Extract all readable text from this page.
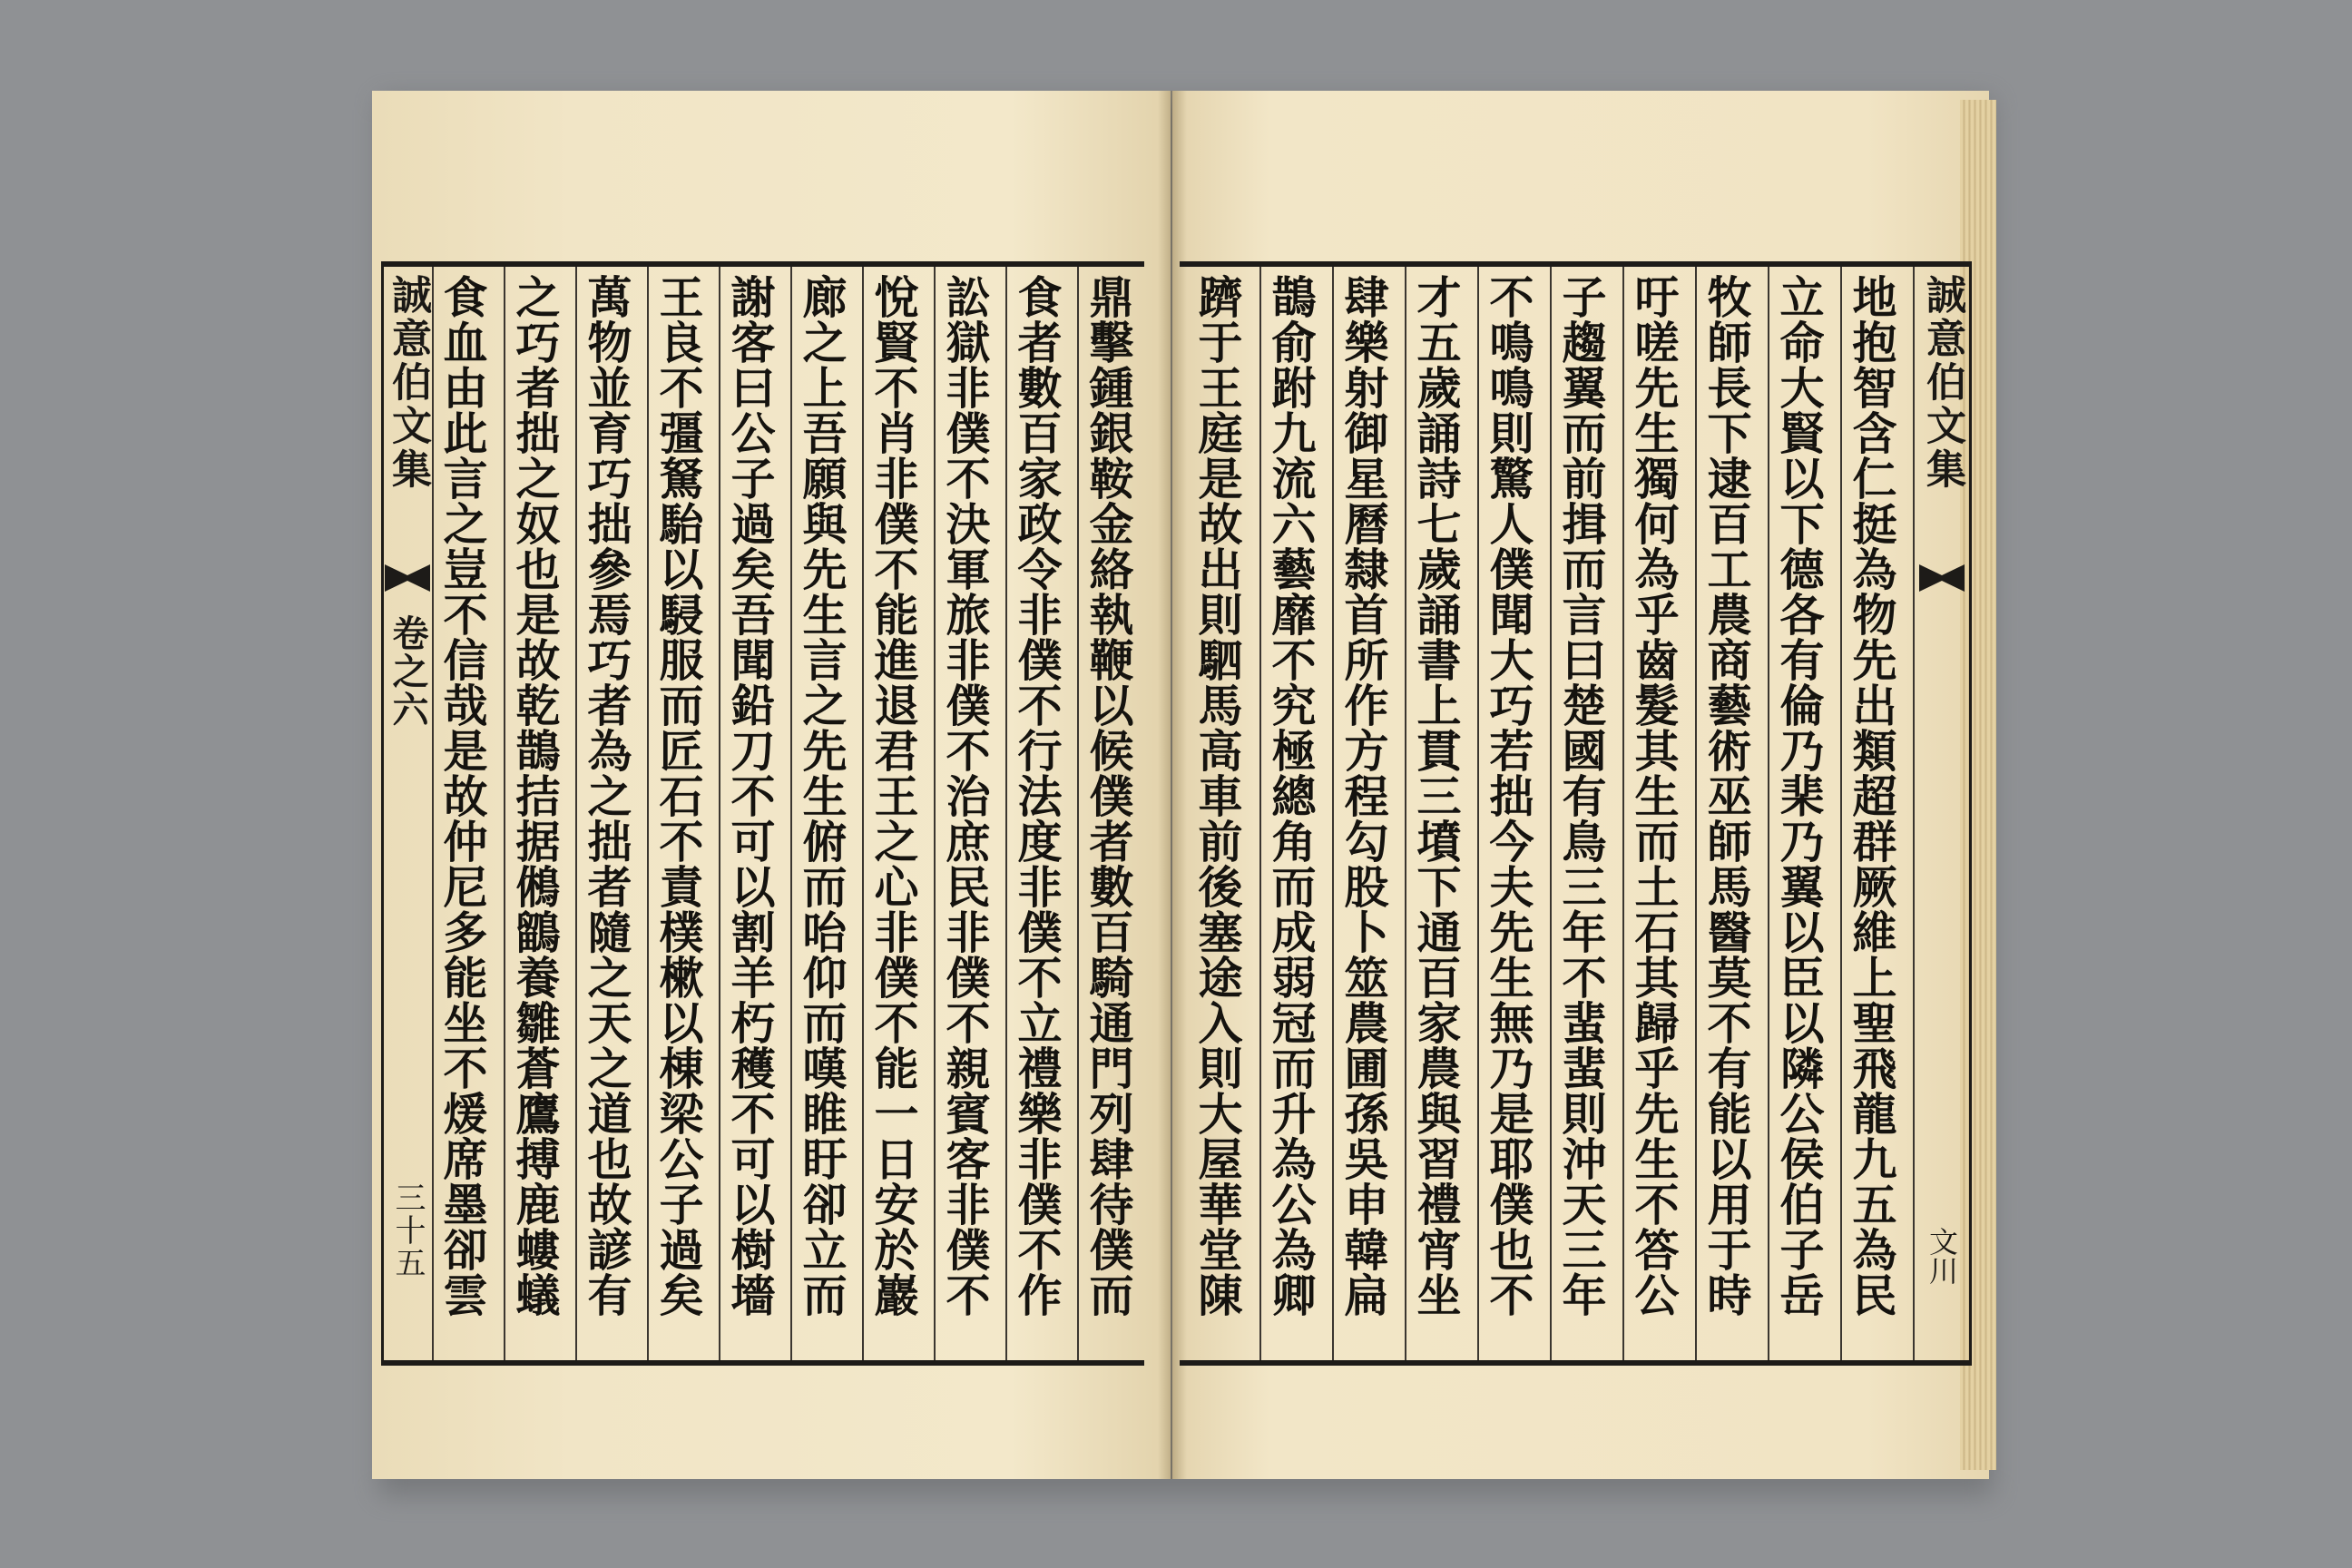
誠意伯文集
卷之六
三十五 食血由此言之豈不信哉是故仲尼多能坐不煖席墨卻雲 之巧者拙之奴也是故乾鵲拮据鵂鶹養雛蒼鷹搏鹿螻蟻 萬物並育巧拙參焉巧者為之拙者隨之天之道也故諺有 王良不彊駑駘以駸服而匠石不責樸樕以棟梁公子過矣 謝客曰公子過矣吾聞鉛刀不可以割羊朽穫不可以樹墻 廊之上吾願與先生言之先生俯而咍仰而嘆睢盱卻立而 悅賢不肖非僕不能進退君王之心非僕不能一日安於巖 訟獄非僕不決軍旅非僕不治庶民非僕不親賓客非僕不 食者數百家政令非僕不行法度非僕不立禮樂非僕不作 鼎擊鍾銀鞍金絡執鞭以候僕者數百騎通門列肆待僕而 躋于王庭是故出則駟馬高車前後塞途入則大屋華堂陳 鵲俞跗九流六藝靡不究極總角而成弱冠而升為公為卿 肆樂射御星曆隸首所作方程勾股卜筮農圃孫吳申韓扁 才五歲誦詩七歲誦書上貫三墳下通百家農與習禮宵坐 不鳴鳴則驚人僕聞大巧若拙今夫先生無乃是耶僕也不 子趨翼而前揖而言曰楚國有鳥三年不蜚蜚則沖天三年 吁嗟先生獨何為乎齒髮其生而土石其歸乎先生不答公 牧師長下逮百工農商藝術巫師馬醫莫不有能以用于時 立命大賢以下德各有倫乃棐乃翼以臣以隣公侯伯子岳 地抱智含仁挺為物先出類超群厥維上聖飛龍九五為民 誠意伯文集
文川
